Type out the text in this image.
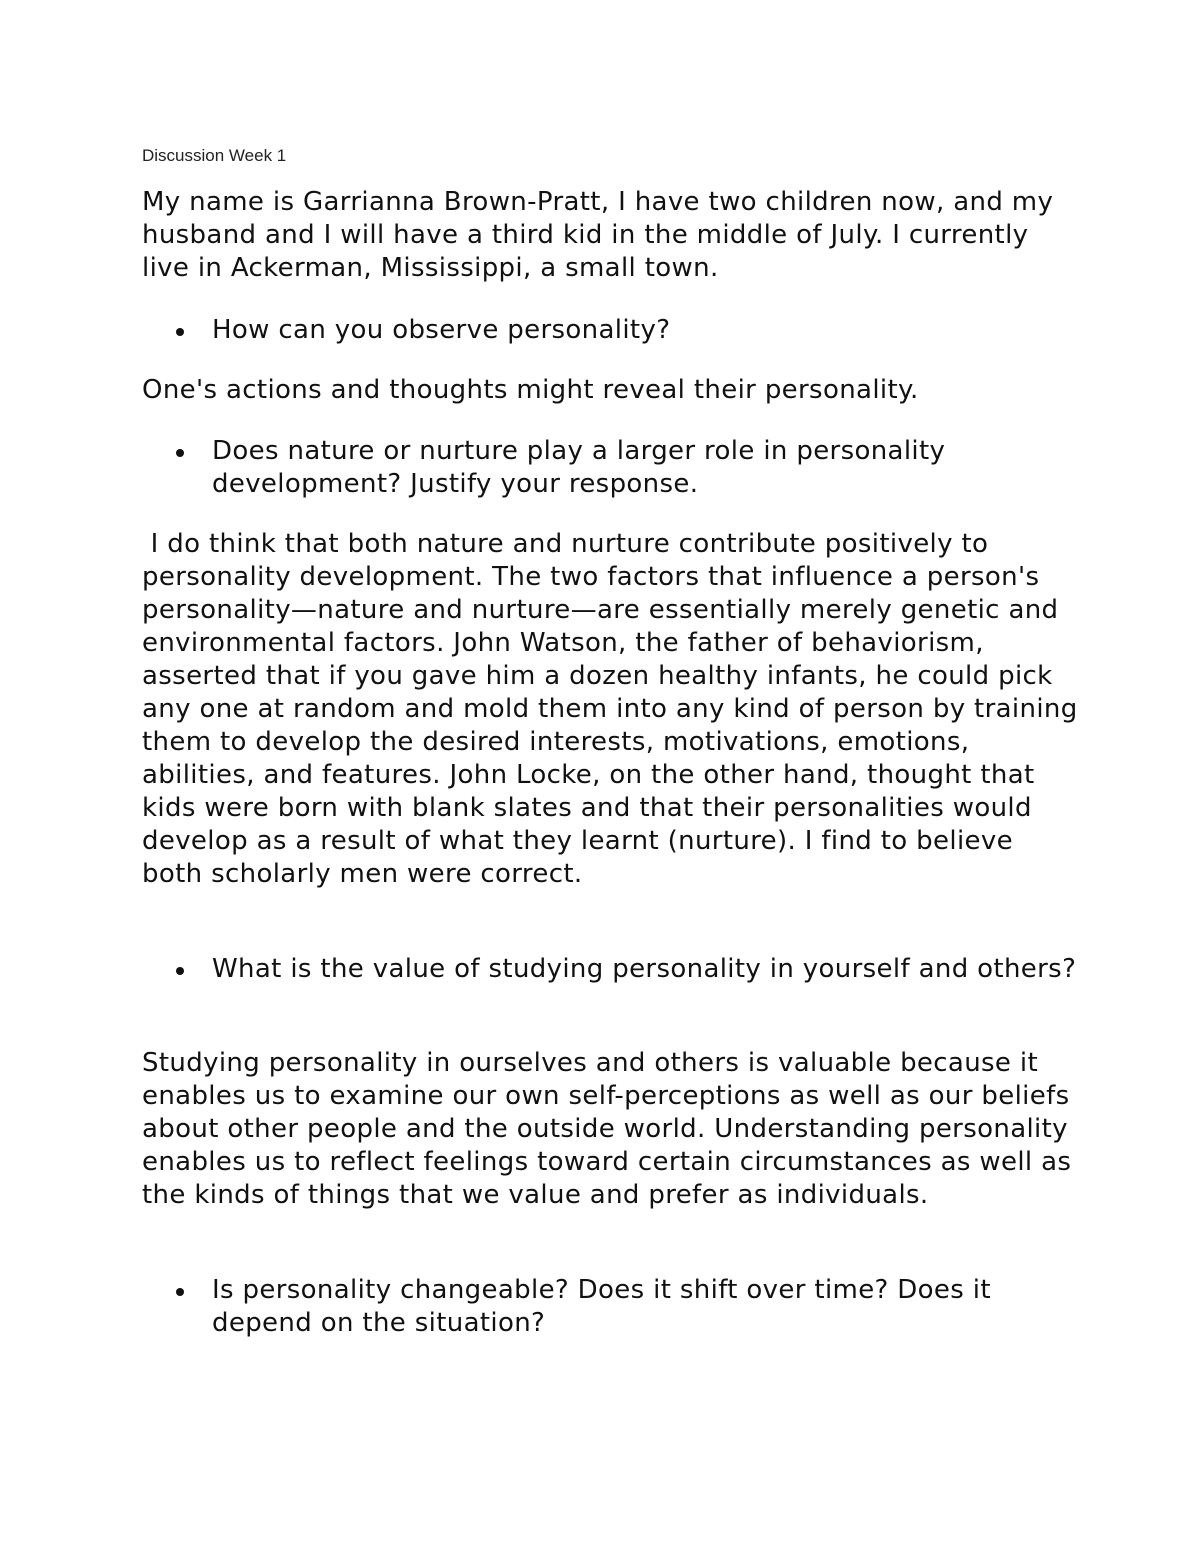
Discussion Week 1

My name is Garrianna Brown-Pratt, I have two children now, and my husband and I will have a third kid in the middle of July. I currently live in Ackerman, Mississippi, a small town.

How can you observe personality?

One's actions and thoughts might reveal their personality.

Does nature or nurture play a larger role in personality development? Justify your response.

I do think that both nature and nurture contribute positively to personality development. The two factors that influence a person's personality—nature and nurture—are essentially merely genetic and environmental factors. John Watson, the father of behaviorism, asserted that if you gave him a dozen healthy infants, he could pick any one at random and mold them into any kind of person by training them to develop the desired interests, motivations, emotions, abilities, and features. John Locke, on the other hand, thought that kids were born with blank slates and that their personalities would develop as a result of what they learnt (nurture). I find to believe both scholarly men were correct.

What is the value of studying personality in yourself and others?

Studying personality in ourselves and others is valuable because it enables us to examine our own self-perceptions as well as our beliefs about other people and the outside world. Understanding personality enables us to reflect feelings toward certain circumstances as well as the kinds of things that we value and prefer as individuals.

Is personality changeable? Does it shift over time? Does it depend on the situation?
